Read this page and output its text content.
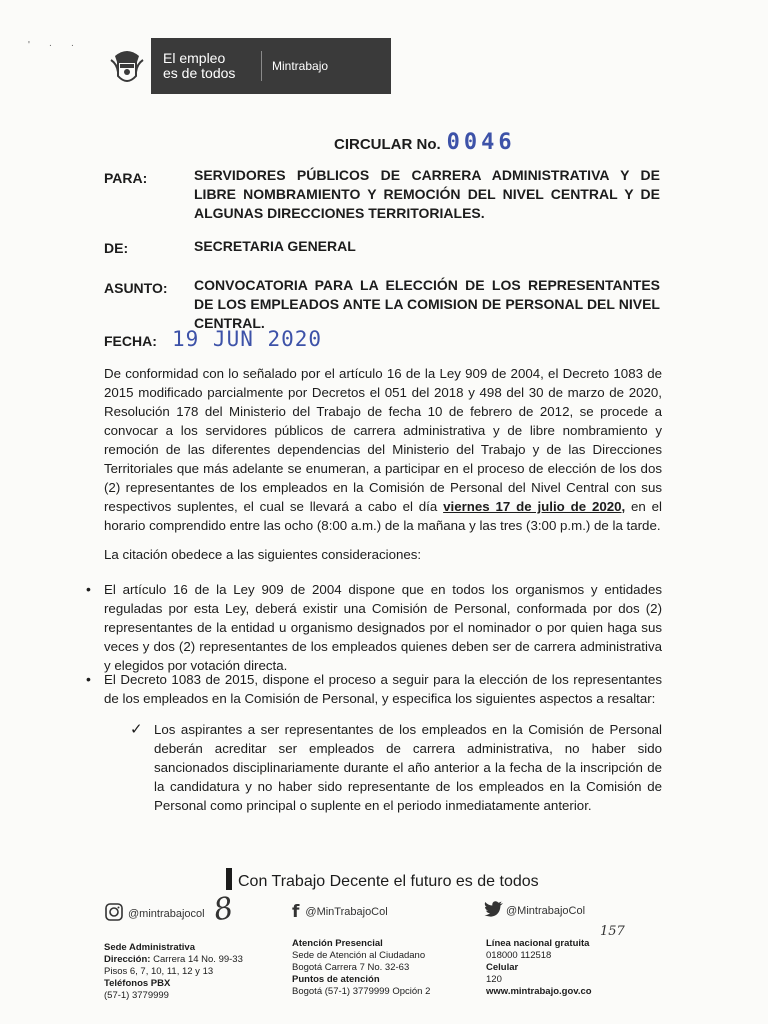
' · ·
El empleo
es de todos	Mintrabajo
CIRCULAR No. 0046
PARA:	SERVIDORES PÚBLICOS DE CARRERA ADMINISTRATIVA Y DE LIBRE NOMBRAMIENTO Y REMOCIÓN DEL NIVEL CENTRAL Y DE ALGUNAS DIRECCIONES TERRITORIALES.
DE:	SECRETARIA GENERAL
ASUNTO: CONVOCATORIA PARA LA ELECCIÓN DE LOS REPRESENTANTES DE LOS EMPLEADOS ANTE LA COMISION DE PERSONAL DEL NIVEL CENTRAL.
FECHA: 19 JUN 2020
De conformidad con lo señalado por el artículo 16 de la Ley 909 de 2004, el Decreto 1083 de 2015 modificado parcialmente por Decretos el 051 del 2018 y 498 del 30 de marzo de 2020, Resolución 178 del Ministerio del Trabajo de fecha 10 de febrero de 2012, se procede a convocar a los servidores públicos de carrera administrativa y de libre nombramiento y remoción de las diferentes dependencias del Ministerio del Trabajo y de las Direcciones Territoriales que más adelante se enumeran, a participar en el proceso de elección de los dos (2) representantes de los empleados en la Comisión de Personal del Nivel Central con sus respectivos suplentes, el cual se llevará a cabo el día viernes 17 de julio de 2020, en el horario comprendido entre las ocho (8:00 a.m.) de la mañana y las tres (3:00 p.m.) de la tarde.
La citación obedece a las siguientes consideraciones:
• El artículo 16 de la Ley 909 de 2004 dispone que en todos los organismos y entidades reguladas por esta Ley, deberá existir una Comisión de Personal, conformada por dos (2) representantes de la entidad u organismo designados por el nominador o por quien haga sus veces y dos (2) representantes de los empleados quienes deben ser de carrera administrativa y elegidos por votación directa.
• El Decreto 1083 de 2015, dispone el proceso a seguir para la elección de los representantes de los empleados en la Comisión de Personal, y especifica los siguientes aspectos a resaltar:
✓ Los aspirantes a ser representantes de los empleados en la Comisión de Personal deberán acreditar ser empleados de carrera administrativa, no haber sido sancionados disciplinariamente durante el año anterior a la fecha de la inscripción de la candidatura y no haber sido representante de los empleados en la Comisión de Personal como principal o suplente en el periodo inmediatamente anterior.
Con Trabajo Decente el futuro es de todos
@mintrabajocol 8	f @MinTrabajoCol	@MintrabajoCol
Sede Administrativa
Dirección: Carrera 14 No. 99-33
Pisos 6, 7, 10, 11, 12 y 13
Teléfonos PBX
(57-1) 3779999
Atención Presencial
Sede de Atención al Ciudadano
Bogotá Carrera 7 No. 32-63
Puntos de atención
Bogotá (57-1) 3779999 Opción 2
Línea nacional gratuita
018000 112518
Celular
120
www.mintrabajo.gov.co
157
